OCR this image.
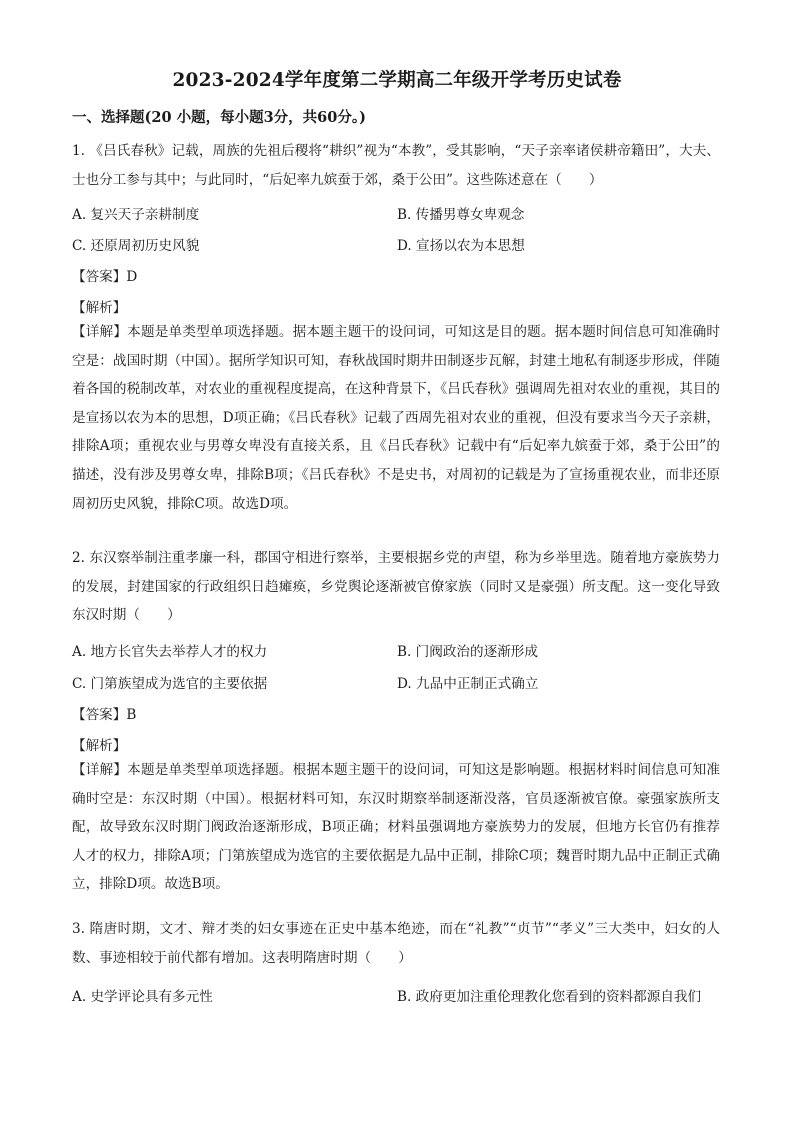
2023-2024学年度第二学期高二年级开学考历史试卷
一、选择题(20 小题，每小题3分，共60分。)
1. 《吕氏春秋》记载，周族的先祖后稷将“耕织”视为“本教”，受其影响，“天子亲率诸侯耕帝籍田”，大夫、士也分工参与其中；与此同时，“后妃率九嫔蚕于郊，桑于公田”。这些陈述意在（　　）
A. 复兴天子亲耕制度	B. 传播男尊女卑观念
C. 还原周初历史风貌	D. 宣扬以农为本思想
【答案】D
【解析】
【详解】本题是单类型单项选择题。据本题主题干的设问词，可知这是目的题。据本题时间信息可知准确时空是：战国时期（中国）。据所学知识可知，春秋战国时期井田制逐步瓦解，封建土地私有制逐步形成，伴随着各国的税制改革，对农业的重视程度提高，在这种背景下，《吕氏春秋》强调周先祖对农业的重视，其目的是宣扬以农为本的思想，D项正确；《吕氏春秋》记载了西周先祖对农业的重视，但没有要求当今天子亲耕，排除A项；重视农业与男尊女卑没有直接关系，且《吕氏春秋》记载中有“后妃率九嫔蚕于郊，桑于公田”的描述，没有涉及男尊女卑，排除B项；《吕氏春秋》不是史书，对周初的记载是为了宣扬重视农业，而非还原周初历史风貌，排除C项。故选D项。
2. 东汉察举制注重孝廉一科，郡国守相进行察举，主要根据乡党的声望，称为乡举里选。随着地方豪族势力的发展，封建国家的行政组织日趋瘫痪，乡党舆论逐渐被官僚家族（同时又是豪强）所支配。这一变化导致东汉时期（　　）
A. 地方长官失去举荐人才的权力	B. 门阀政治的逐渐形成
C. 门第族望成为选官的主要依据	D. 九品中正制正式确立
【答案】B
【解析】
【详解】本题是单类型单项选择题。根据本题主题干的设问词，可知这是影响题。根据材料时间信息可知准确时空是：东汉时期（中国）。根据材料可知，东汉时期察举制逐渐没落，官员逐渐被官僚。豪强家族所支配，故导致东汉时期门阀政治逐渐形成，B项正确；材料虽强调地方豪族势力的发展，但地方长官仍有推荐人才的权力，排除A项；门第族望成为选官的主要依据是九品中正制，排除C项；魏晋时期九品中正制正式确立，排除D项。故选B项。
3. 隋唐时期，文才、辩才类的妇女事迹在正史中基本绝迹，而在“礼教”“贞节”“孝义”三大类中，妇女的人数、事迹相较于前代都有增加。这表明隋唐时期（　　）
A. 史学评论具有多元性	B. 政府更加注重伦理教化您看到的资料都源自我们
